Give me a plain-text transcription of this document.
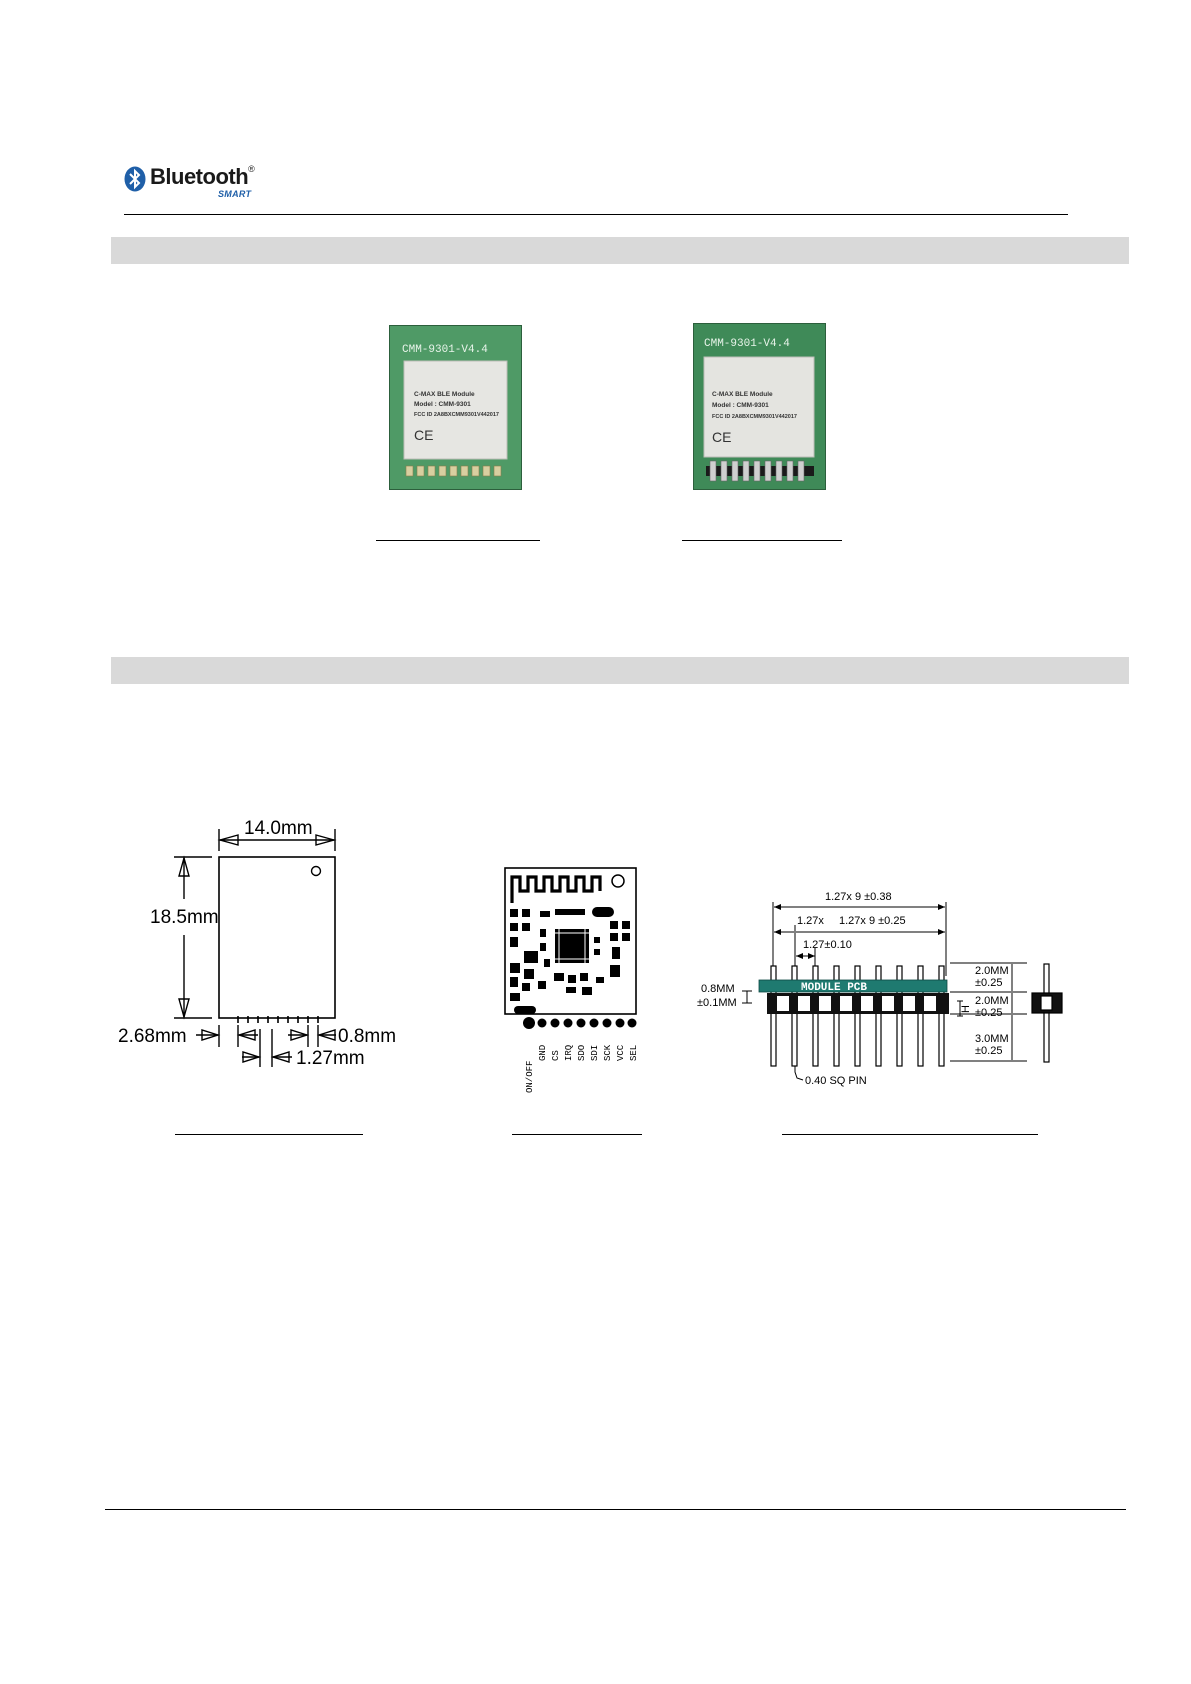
Bluetooth®
SMART
CMM-9301-V4.4
C-MAX BLE Module
Model : CMM-9301
FCC ID 2A8BXCMM9301V442017
CE
CMM-9301-V4.4
C-MAX BLE Module
Model : CMM-9301
FCC ID 2A8BXCMM9301V442017
CE
14.0mm
18.5mm
2.68mm	0.8mm
1.27mm
ON/OFF
GND CS IRQ SDO SDI SCK VCC SEL
MODULE PCB
1.27x 9 ±0.38
1.27x 1.27x 9 ±0.25
1.27±0.10
0.8MM
±0.1MM
H
2.0MM
±0.25
2.0MM
±0.25
3.0MM
±0.25
0.40 SQ PIN
